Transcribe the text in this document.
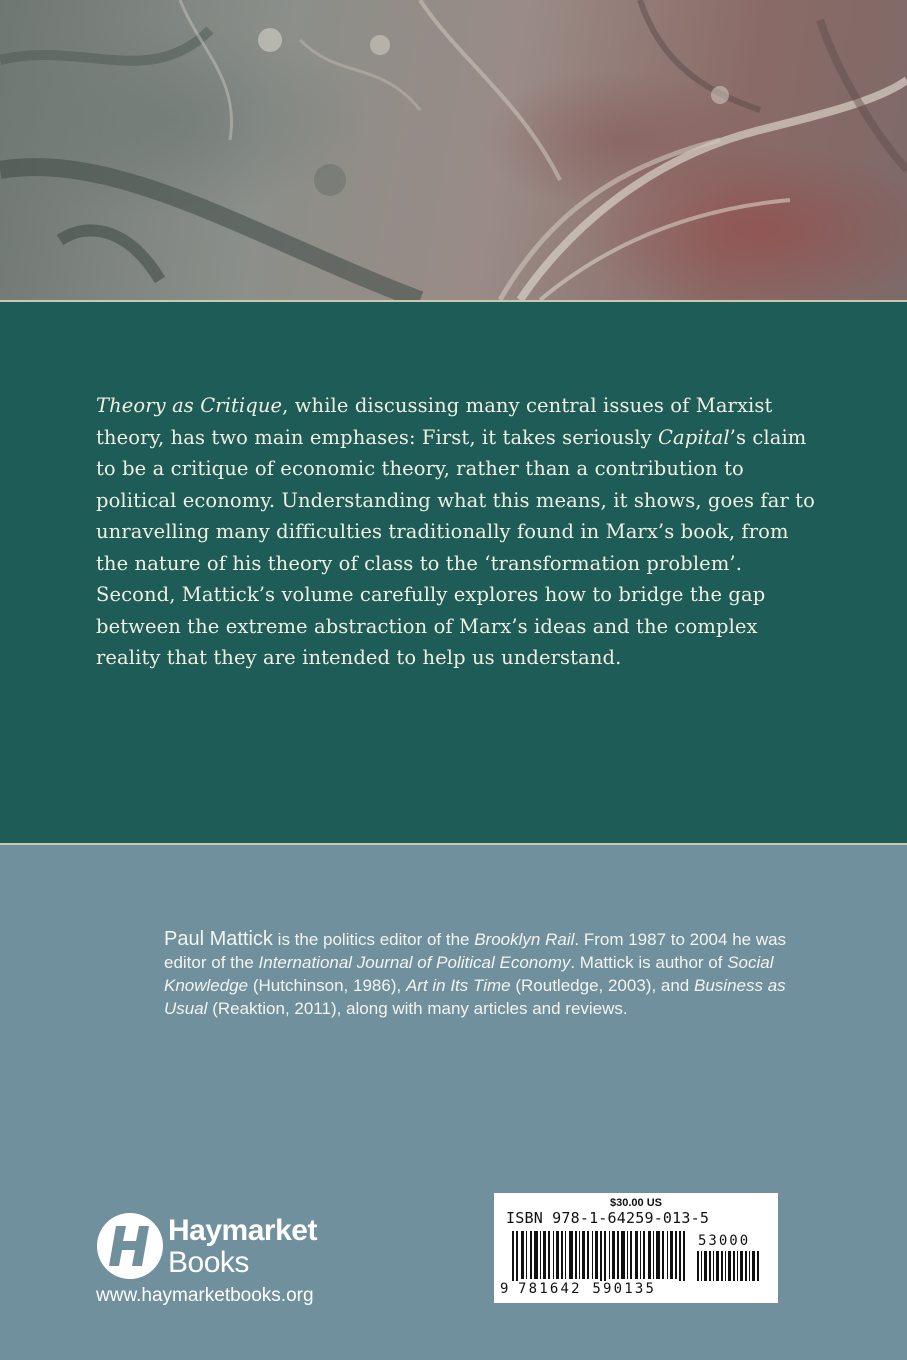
Theory as Critique, while discussing many central issues of Marxist theory, has two main emphases: First, it takes seriously Capital’s claim to be a critique of economic theory, rather than a contribution to political economy. Understanding what this means, it shows, goes far to unravelling many difficulties traditionally found in Marx’s book, from the nature of his theory of class to the ‘transformation problem’. Second, Mattick’s volume carefully explores how to bridge the gap between the extreme abstraction of Marx’s ideas and the complex reality that they are intended to help us understand.
Paul Mattick is the politics editor of the Brooklyn Rail. From 1987 to 2004 he was editor of the International Journal of Political Economy. Mattick is author of Social Knowledge (Hutchinson, 1986), Art in Its Time (Routledge, 2003), and Business as Usual (Reaktion, 2011), along with many articles and reviews.
Haymarket
Books
www.haymarketbooks.org
$30.00 US
ISBN 978-1-64259-013-5
53000
9 781642 590135
